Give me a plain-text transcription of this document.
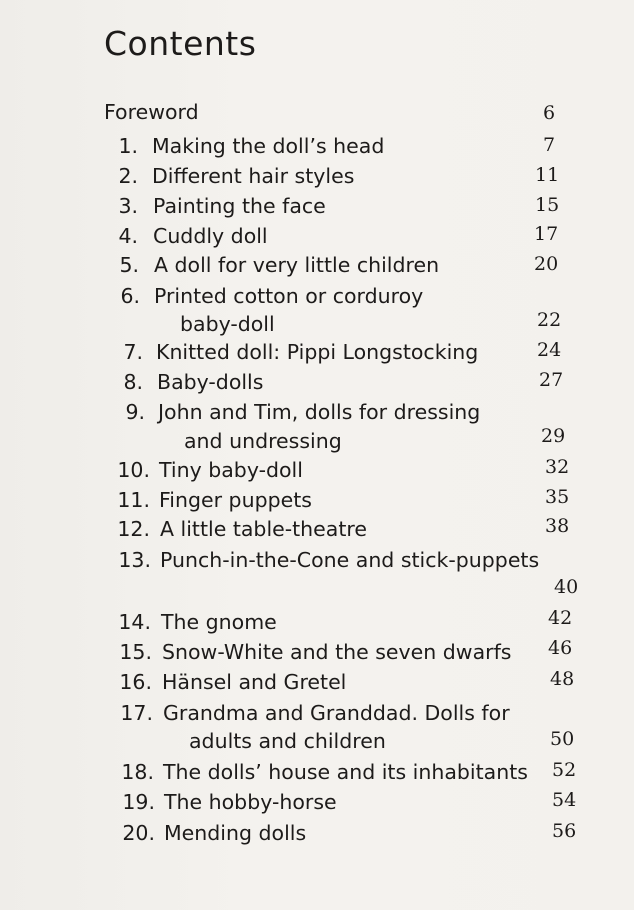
Contents
Foreword	6
1. Making the doll’s head	7
2. Different hair styles	11
3. Painting the face	15
4. Cuddly doll	17
5. A doll for very little children	20
6. Printed cotton or corduroy
baby-doll	22
7. Knitted doll: Pippi Longstocking	24
8. Baby-dolls	27
9. John and Tim, dolls for dressing
and undressing	29
10. Tiny baby-doll	32
11. Finger puppets	35
12. A little table-theatre	38
13. Punch-in-the-Cone and stick-puppets
40
14. The gnome	42
15. Snow-White and the seven dwarfs 46
16. Hänsel and Gretel	48
17. Grandma and Granddad. Dolls for
adults and children	50
18. The dolls’ house and its inhabitants 52
19. The hobby-horse	54
20. Mending dolls	56
